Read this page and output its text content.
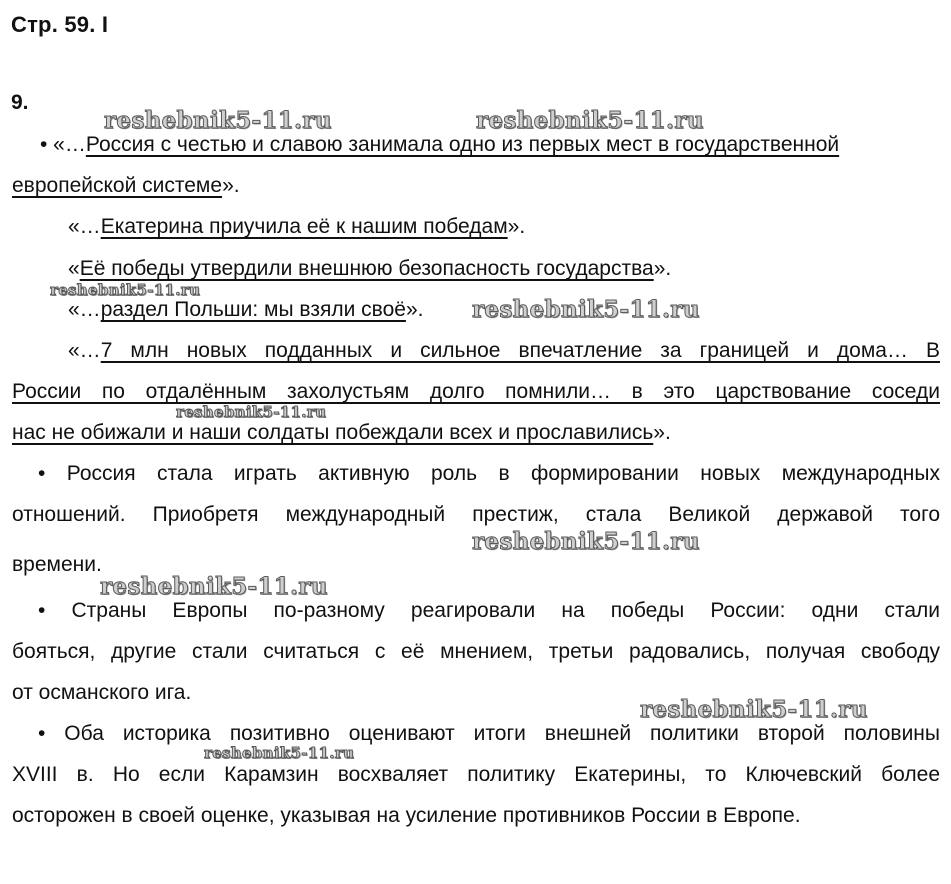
Стр. 59. I
9.
• «…Россия с честью и славою занимала одно из первых мест в государственной
европейской системе».
«…Екатерина приучила её к нашим победам».
«Её победы утвердили внешнюю безопасность государства».
«…раздел Польши: мы взяли своё».
«…7 млн новых подданных и сильное впечатление за границей и дома… В
России по отдалённым захолустьям долго помнили… в это царствование соседи
нас не обижали и наши солдаты побеждали всех и прославились».
• Россия стала играть активную роль в формировании новых международных
отношений. Приобретя международный престиж, стала Великой державой того
времени.
• Страны Европы по-разному реагировали на победы России: одни стали
бояться, другие стали считаться с её мнением, третьи радовались, получая свободу
от османского ига.
• Оба историка позитивно оценивают итоги внешней политики второй половины
XVIII в. Но если Карамзин восхваляет политику Екатерины, то Ключевский более
осторожен в своей оценке, указывая на усиление противников России в Европе.
reshebnik5-11.ru	reshebnik5-11.ru
reshebnik5-11.ru
reshebnik5-11.ru
reshebnik5-11.ru
reshebnik5-11.ru
reshebnik5-11.ru
reshebnik5-11.ru
reshebnik5-11.ru
